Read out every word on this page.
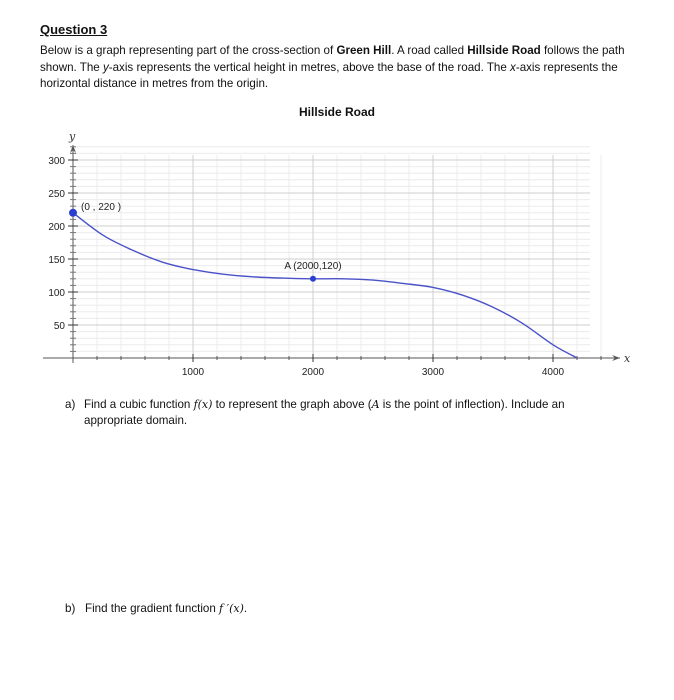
Question 3
Below is a graph representing part of the cross-section of Green Hill. A road called Hillside Road follows the path shown. The y-axis represents the vertical height in metres, above the base of the road. The x-axis represents the horizontal distance in metres from the origin.
Hillside Road
(0 , 220 )
A (2000,120)
1000	2000	3000	4000
50
100
150
200
250
300
y
x
a) Find a cubic function f(x) to represent the graph above (A is the point of inflection). Include an appropriate domain.
b) Find the gradient function f ′(x).
